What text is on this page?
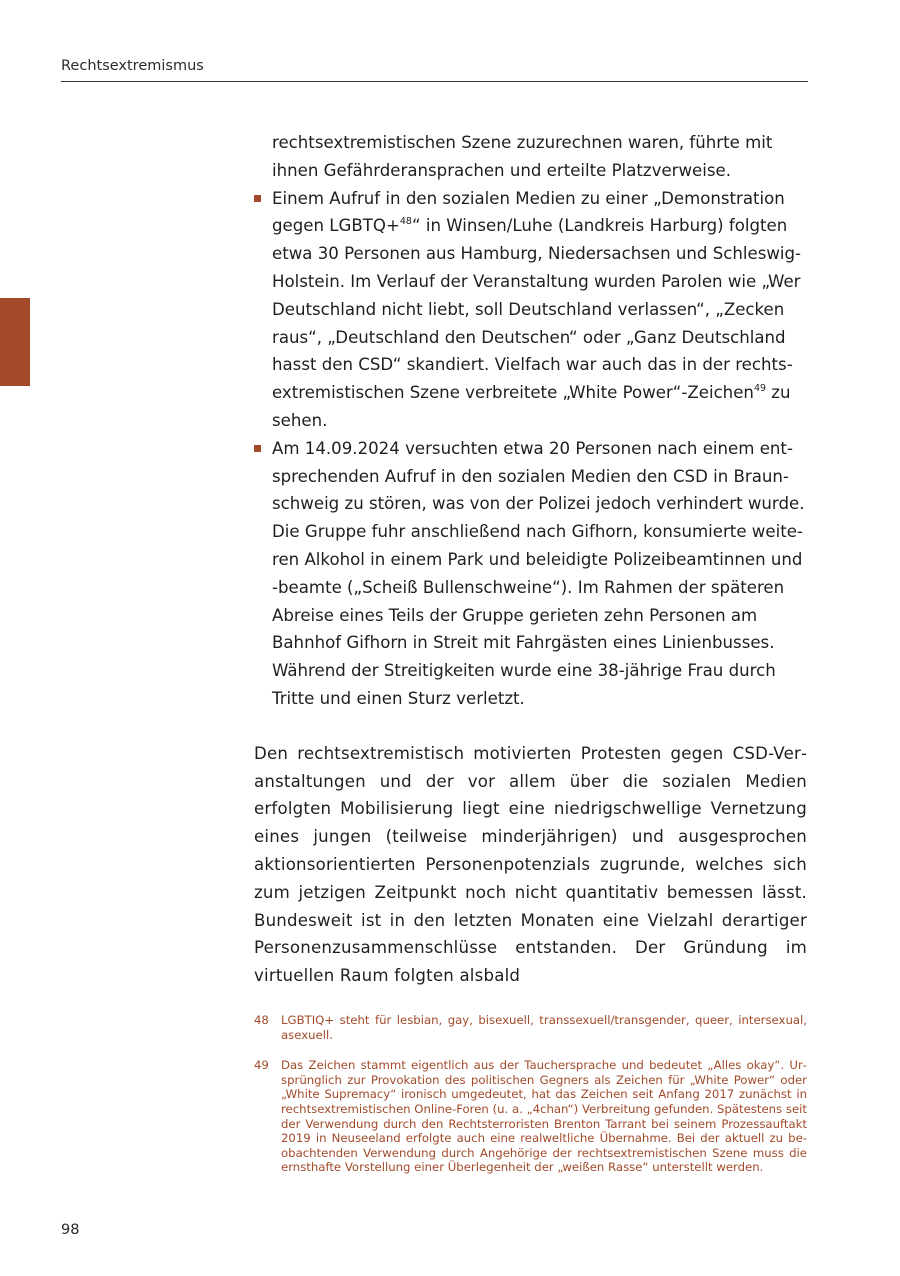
Rechtsextremismus

rechtsextremistischen Szene zuzurechnen waren, führte mit ihnen Gefährderansprachen und erteilte Platzverweise.

Einem Aufruf in den sozialen Medien zu einer „Demonstration gegen LGBTQ+$^{48}$“ in Winsen/Luhe (Landkreis Harburg) folgten etwa 30 Personen aus Hamburg, Niedersachsen und Schleswig-Holstein. Im Verlauf der Veranstaltung wurden Parolen wie „Wer Deutschland nicht liebt, soll Deutschland verlassen“, „Zecken raus“, „Deutschland den Deutschen“ oder „Ganz Deutschland hasst den CSD“ skandiert. Vielfach war auch das in der rechtsextremistischen Szene verbreitete „White Power“-Zeichen$^{49}$ zu sehen.
Am 14.09.2024 versuchten etwa 20 Personen nach einem entsprechenden Aufruf in den sozialen Medien den CSD in Braunschweig zu stören, was von der Polizei jedoch verhindert wurde. Die Gruppe fuhr anschließend nach Gifhorn, konsumierte weiteren Alkohol in einem Park und beleidigte Polizeibeamtinnen und -beamte („Scheiß Bullenschweine“). Im Rahmen der späteren Abreise eines Teils der Gruppe gerieten zehn Personen am Bahnhof Gifhorn in Streit mit Fahrgästen eines Linienbusses. Während der Streitigkeiten wurde eine 38-jährige Frau durch Tritte und einen Sturz verletzt.

Den rechtsextremistisch motivierten Protesten gegen CSD-Veranstaltungen und der vor allem über die sozialen Medien erfolgten Mobilisierung liegt eine niedrigschwellige Vernetzung eines jungen (teilweise minderjährigen) und ausgesprochen aktionsorientierten Personenpotenzials zugrunde, welches sich zum jetzigen Zeitpunkt noch nicht quantitativ bemessen lässt. Bundesweit ist in den letzten Monaten eine Vielzahl derartiger Personenzusammenschlüsse entstanden. Der Gründung im virtuellen Raum folgten alsbald

48 LGBTIQ+ steht für lesbian, gay, bisexuell, transsexuell/transgender, queer, intersexual, asexuell.
49 Das Zeichen stammt eigentlich aus der Tauchersprache und bedeutet „Alles okay“. Ursprünglich zur Provokation des politischen Gegners als Zeichen für „White Power“ oder „White Supremacy“ ironisch umgedeutet, hat das Zeichen seit Anfang 2017 zunächst in rechtsextremistischen Online-Foren (u. a. „4chan“) Verbreitung gefunden. Spätestens seit der Verwendung durch den Rechtsterroristen Brenton Tarrant bei seinem Prozessauftakt 2019 in Neuseeland erfolgte auch eine realweltliche Übernahme. Bei der aktuell zu beobachtenden Verwendung durch Angehörige der rechtsextremistischen Szene muss die ernsthafte Vorstellung einer Überlegenheit der „weißen Rasse“ unterstellt werden.
98
